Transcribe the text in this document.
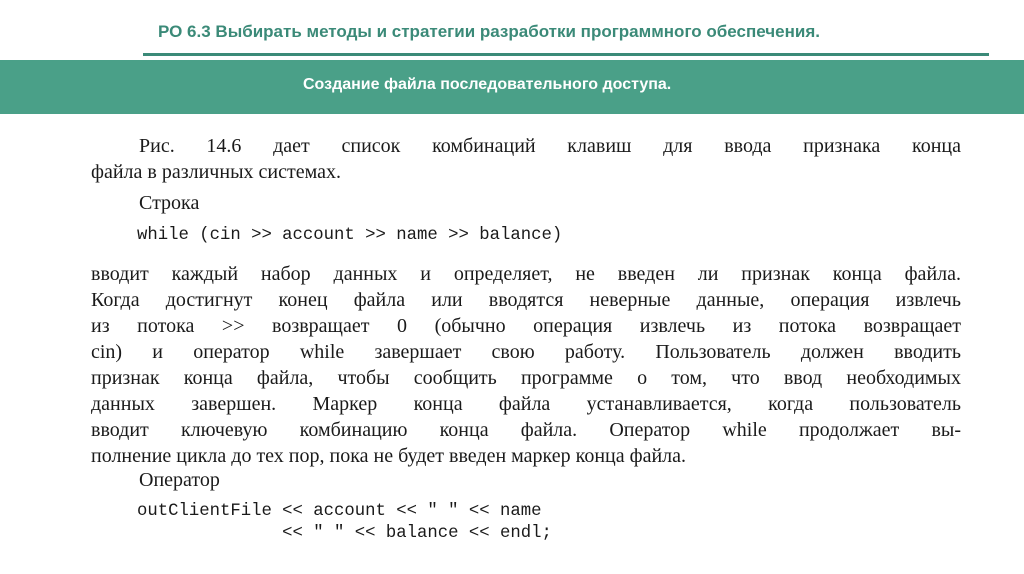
РО 6.3 Выбирать методы и стратегии разработки программного обеспечения.
Создание файла последовательного доступа.
Рис. 14.6 дает список комбинаций клавиш для ввода признака конца
файла в различных системах.
Строка
while (cin >> account >> name >> balance)
вводит каждый набор данных и определяет, не введен ли признак конца файла.
Когда достигнут конец файла или вводятся неверные данные, операция извлечь
из потока >> возвращает 0 (обычно операция извлечь из потока возвращает
cin) и оператор while завершает свою работу. Пользователь должен вводить
признак конца файла, чтобы сообщить программе о том, что ввод необходимых
данных завершен. Маркер конца файла устанавливается, когда пользователь
вводит ключевую комбинацию конца файла. Оператор while продолжает вы-
полнение цикла до тех пор, пока не будет введен маркер конца файла.
Оператор
outClientFile << account << " " << name
<< " " << balance << endl;
